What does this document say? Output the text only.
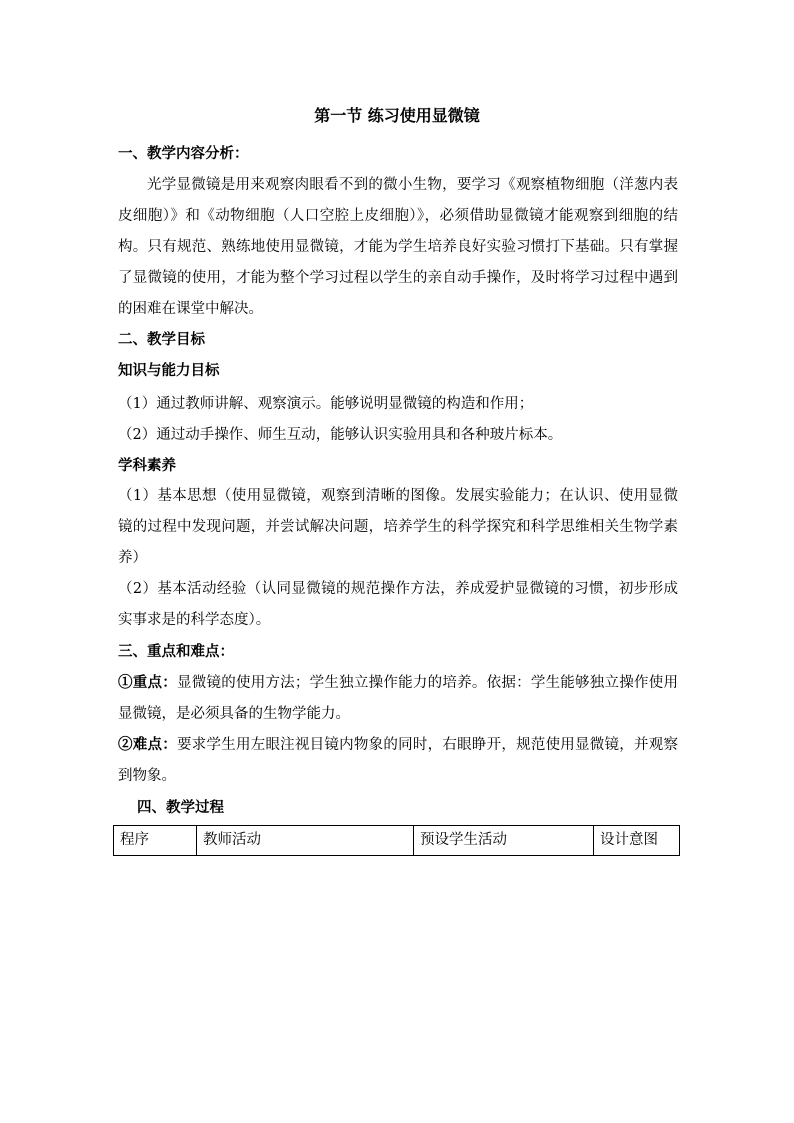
第一节 练习使用显微镜
一、教学内容分析：
光学显微镜是用来观察肉眼看不到的微小生物，要学习《观察植物细胞（洋葱内表皮细胞）》和《动物细胞（人口空腔上皮细胞）》，必须借助显微镜才能观察到细胞的结构。只有规范、熟练地使用显微镜，才能为学生培养良好实验习惯打下基础。只有掌握了显微镜的使用，才能为整个学习过程以学生的亲自动手操作，及时将学习过程中遇到的困难在课堂中解决。
二、教学目标
知识与能力目标
（1）通过教师讲解、观察演示。能够说明显微镜的构造和作用；
（2）通过动手操作、师生互动，能够认识实验用具和各种玻片标本。
学科素养
（1）基本思想（使用显微镜，观察到清晰的图像。发展实验能力；在认识、使用显微镜的过程中发现问题，并尝试解决问题，培养学生的科学探究和科学思维相关生物学素养）
（2）基本活动经验（认同显微镜的规范操作方法，养成爱护显微镜的习惯，初步形成实事求是的科学态度）。
三、重点和难点：
①重点：显微镜的使用方法；学生独立操作能力的培养。依据：学生能够独立操作使用显微镜，是必须具备的生物学能力。
②难点：要求学生用左眼注视目镜内物象的同时，右眼睁开，规范使用显微镜，并观察到物象。
四、教学过程
程序	教师活动	预设学生活动	设计意图
